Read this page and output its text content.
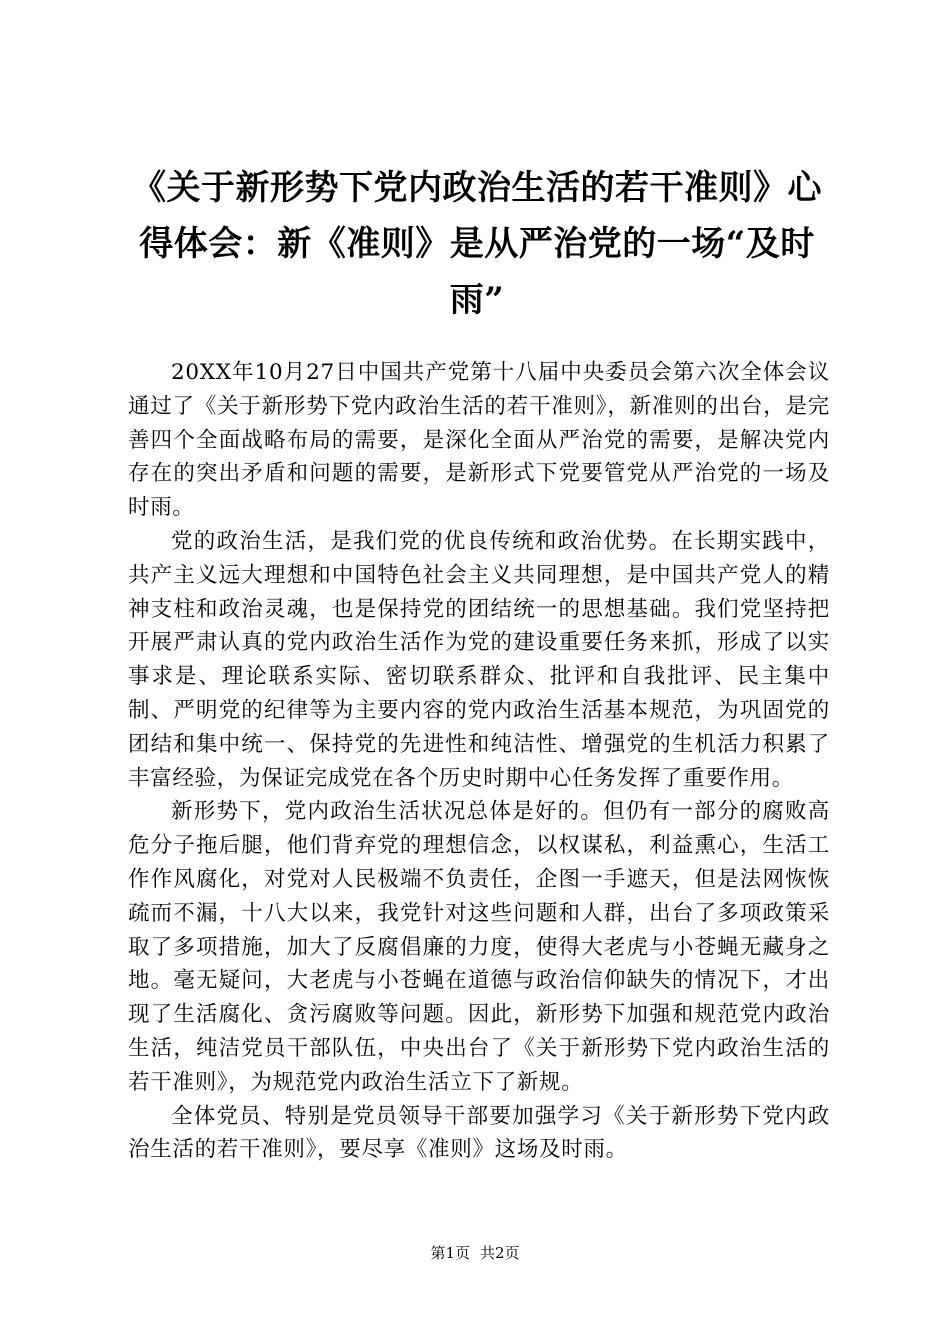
《关于新形势下党内政治生活的若干准则》心得体会：新《准则》是从严治党的一场“及时雨”

20XX年10月27日中国共产党第十八届中央委员会第六次全体会议通过了《关于新形势下党内政治生活的若干准则》，新准则的出台，是完善四个全面战略布局的需要，是深化全面从严治党的需要，是解决党内存在的突出矛盾和问题的需要，是新形式下党要管党从严治党的一场及时雨。

党的政治生活，是我们党的优良传统和政治优势。在长期实践中，共产主义远大理想和中国特色社会主义共同理想，是中国共产党人的精神支柱和政治灵魂，也是保持党的团结统一的思想基础。我们党坚持把开展严肃认真的党内政治生活作为党的建设重要任务来抓，形成了以实事求是、理论联系实际、密切联系群众、批评和自我批评、民主集中制、严明党的纪律等为主要内容的党内政治生活基本规范，为巩固党的团结和集中统一、保持党的先进性和纯洁性、增强党的生机活力积累了丰富经验，为保证完成党在各个历史时期中心任务发挥了重要作用。

新形势下，党内政治生活状况总体是好的。但仍有一部分的腐败高危分子拖后腿，他们背弃党的理想信念，以权谋私，利益熏心，生活工作作风腐化，对党对人民极端不负责任，企图一手遮天，但是法网恢恢疏而不漏，十八大以来，我党针对这些问题和人群，出台了多项政策采取了多项措施，加大了反腐倡廉的力度，使得大老虎与小苍蝇无藏身之地。毫无疑问，大老虎与小苍蝇在道德与政治信仰缺失的情况下，才出现了生活腐化、贪污腐败等问题。因此，新形势下加强和规范党内政治生活，纯洁党员干部队伍，中央出台了《关于新形势下党内政治生活的若干准则》，为规范党内政治生活立下了新规。

全体党员、特别是党员领导干部要加强学习《关于新形势下党内政治生活的若干准则》，要尽享《准则》这场及时雨。

第1页 共2页
